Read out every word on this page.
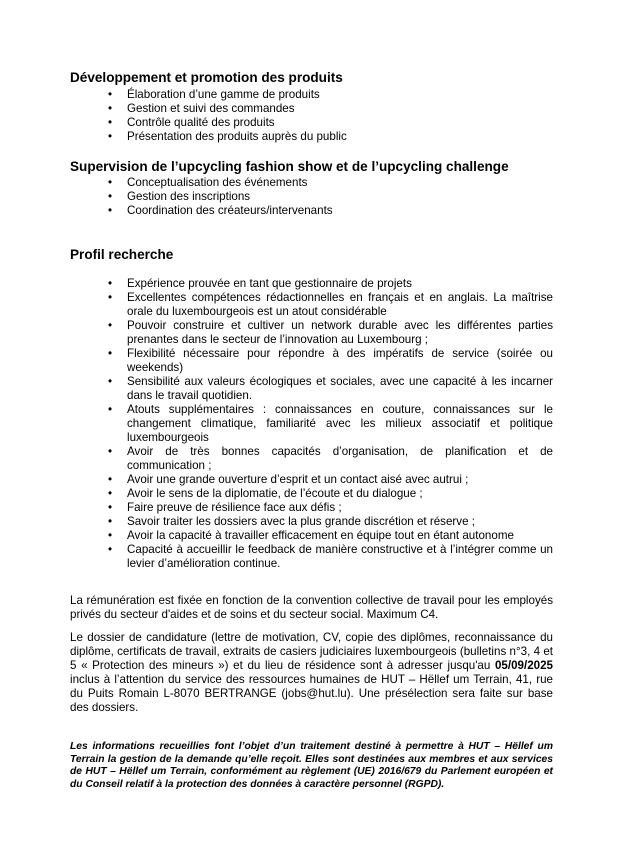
Développement et promotion des produits
• Élaboration d’une gamme de produits
• Gestion et suivi des commandes
• Contrôle qualité des produits
• Présentation des produits auprès du public
Supervision de l’upcycling fashion show et de l’upcycling challenge
• Conceptualisation des événements
• Gestion des inscriptions
• Coordination des créateurs/intervenants
Profil recherche
• Expérience prouvée en tant que gestionnaire de projets
• Excellentes compétences rédactionnelles en français et en anglais. La maîtrise orale du luxembourgeois est un atout considérable
• Pouvoir construire et cultiver un network durable avec les différentes parties prenantes dans le secteur de l’innovation au Luxembourg ;
• Flexibilité nécessaire pour répondre à des impératifs de service (soirée ou weekends)
• Sensibilité aux valeurs écologiques et sociales, avec une capacité à les incarner dans le travail quotidien.
• Atouts supplémentaires : connaissances en couture, connaissances sur le changement climatique, familiarité avec les milieux associatif et politique luxembourgeois
• Avoir de très bonnes capacités d’organisation, de planification et de communication ;
• Avoir une grande ouverture d’esprit et un contact aisé avec autrui ;
• Avoir le sens de la diplomatie, de l’écoute et du dialogue ;
• Faire preuve de résilience face aux défis ;
• Savoir traiter les dossiers avec la plus grande discrétion et réserve ;
• Avoir la capacité à travailler efficacement en équipe tout en étant autonome
• Capacité à accueillir le feedback de manière constructive et à l’intégrer comme un levier d’amélioration continue.

La rémunération est fixée en fonction de la convention collective de travail pour les employés privés du secteur d'aides et de soins et du secteur social. Maximum C4.

Le dossier de candidature (lettre de motivation, CV, copie des diplômes, reconnaissance du diplôme, certificats de travail, extraits de casiers judiciaires luxembourgeois (bulletins n°3, 4 et 5 « Protection des mineurs ») et du lieu de résidence sont à adresser jusqu'au 05/09/2025 inclus à l’attention du service des ressources humaines de HUT – Hëllef um Terrain, 41, rue du Puits Romain L-8070 BERTRANGE (jobs@hut.lu). Une présélection sera faite sur base des dossiers.

Les informations recueillies font l’objet d’un traitement destiné à permettre à HUT – Hëllef um Terrain la gestion de la demande qu’elle reçoit. Elles sont destinées aux membres et aux services de HUT – Hëllef um Terrain, conformément au règlement (UE) 2016/679 du Parlement européen et du Conseil relatif à la protection des données à caractère personnel (RGPD).
